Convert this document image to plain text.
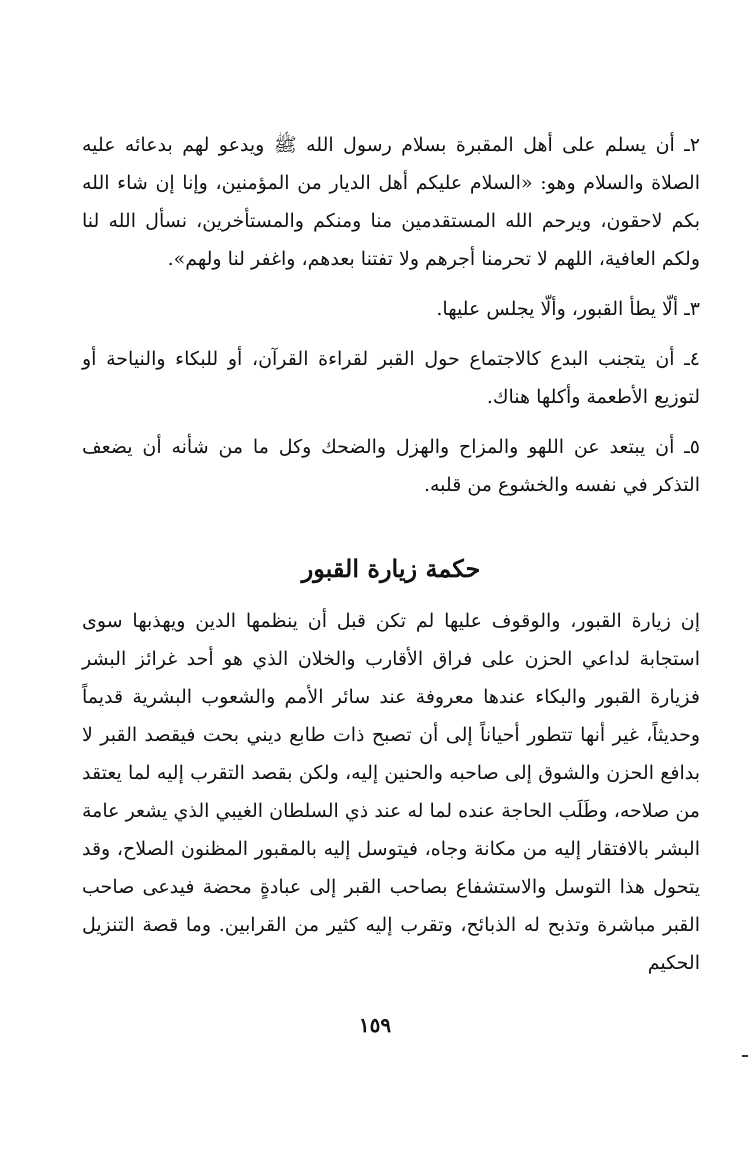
٢ـ أن يسلم على أهل المقبرة بسلام رسول الله ﷺ ويدعو لهم بدعائه عليه الصلاة والسلام وهو: «السلام عليكم أهل الديار من المؤمنين، وإنا إن شاء الله بكم لاحقون، ويرحم الله المستقدمين منا ومنكم والمستأخرين، نسأل الله لنا ولكم العافية، اللهم لا تحرمنا أجرهم ولا تفتنا بعدهم، واغفر لنا ولهم».

٣ـ ألّا يطأ القبور، وألّا يجلس عليها.

٤ـ أن يتجنب البدع كالاجتماع حول القبر لقراءة القرآن، أو للبكاء والنياحة أو لتوزيع الأطعمة وأكلها هناك.

٥ـ أن يبتعد عن اللهو والمزاح والهزل والضحك وكل ما من شأنه أن يضعف التذكر في نفسه والخشوع من قلبه.

حكمة زيارة القبور

إن زيارة القبور، والوقوف عليها لم تكن قبل أن ينظمها الدين ويهذبها سوى استجابة لداعي الحزن على فراق الأقارب والخلان الذي هو أحد غرائز البشر فزيارة القبور والبكاء عندها معروفة عند سائر الأمم والشعوب البشرية قديماً وحديثاً، غير أنها تتطور أحياناً إلى أن تصبح ذات طابع ديني بحت فيقصد القبر لا بدافع الحزن والشوق إلى صاحبه والحنين إليه، ولكن بقصد التقرب إليه لما يعتقد من صلاحه، وطَلَب الحاجة عنده لما له عند ذي السلطان الغيبي الذي يشعر عامة البشر بالافتقار إليه من مكانة وجاه، فيتوسل إليه بالمقبور المظنون الصلاح، وقد يتحول هذا التوسل والاستشفاع بصاحب القبر إلى عبادةٍ محضة فيدعى صاحب القبر مباشرة وتذبح له الذبائح، وتقرب إليه كثير من القرابين. وما قصة التنزيل الحكيم

١٥٩
